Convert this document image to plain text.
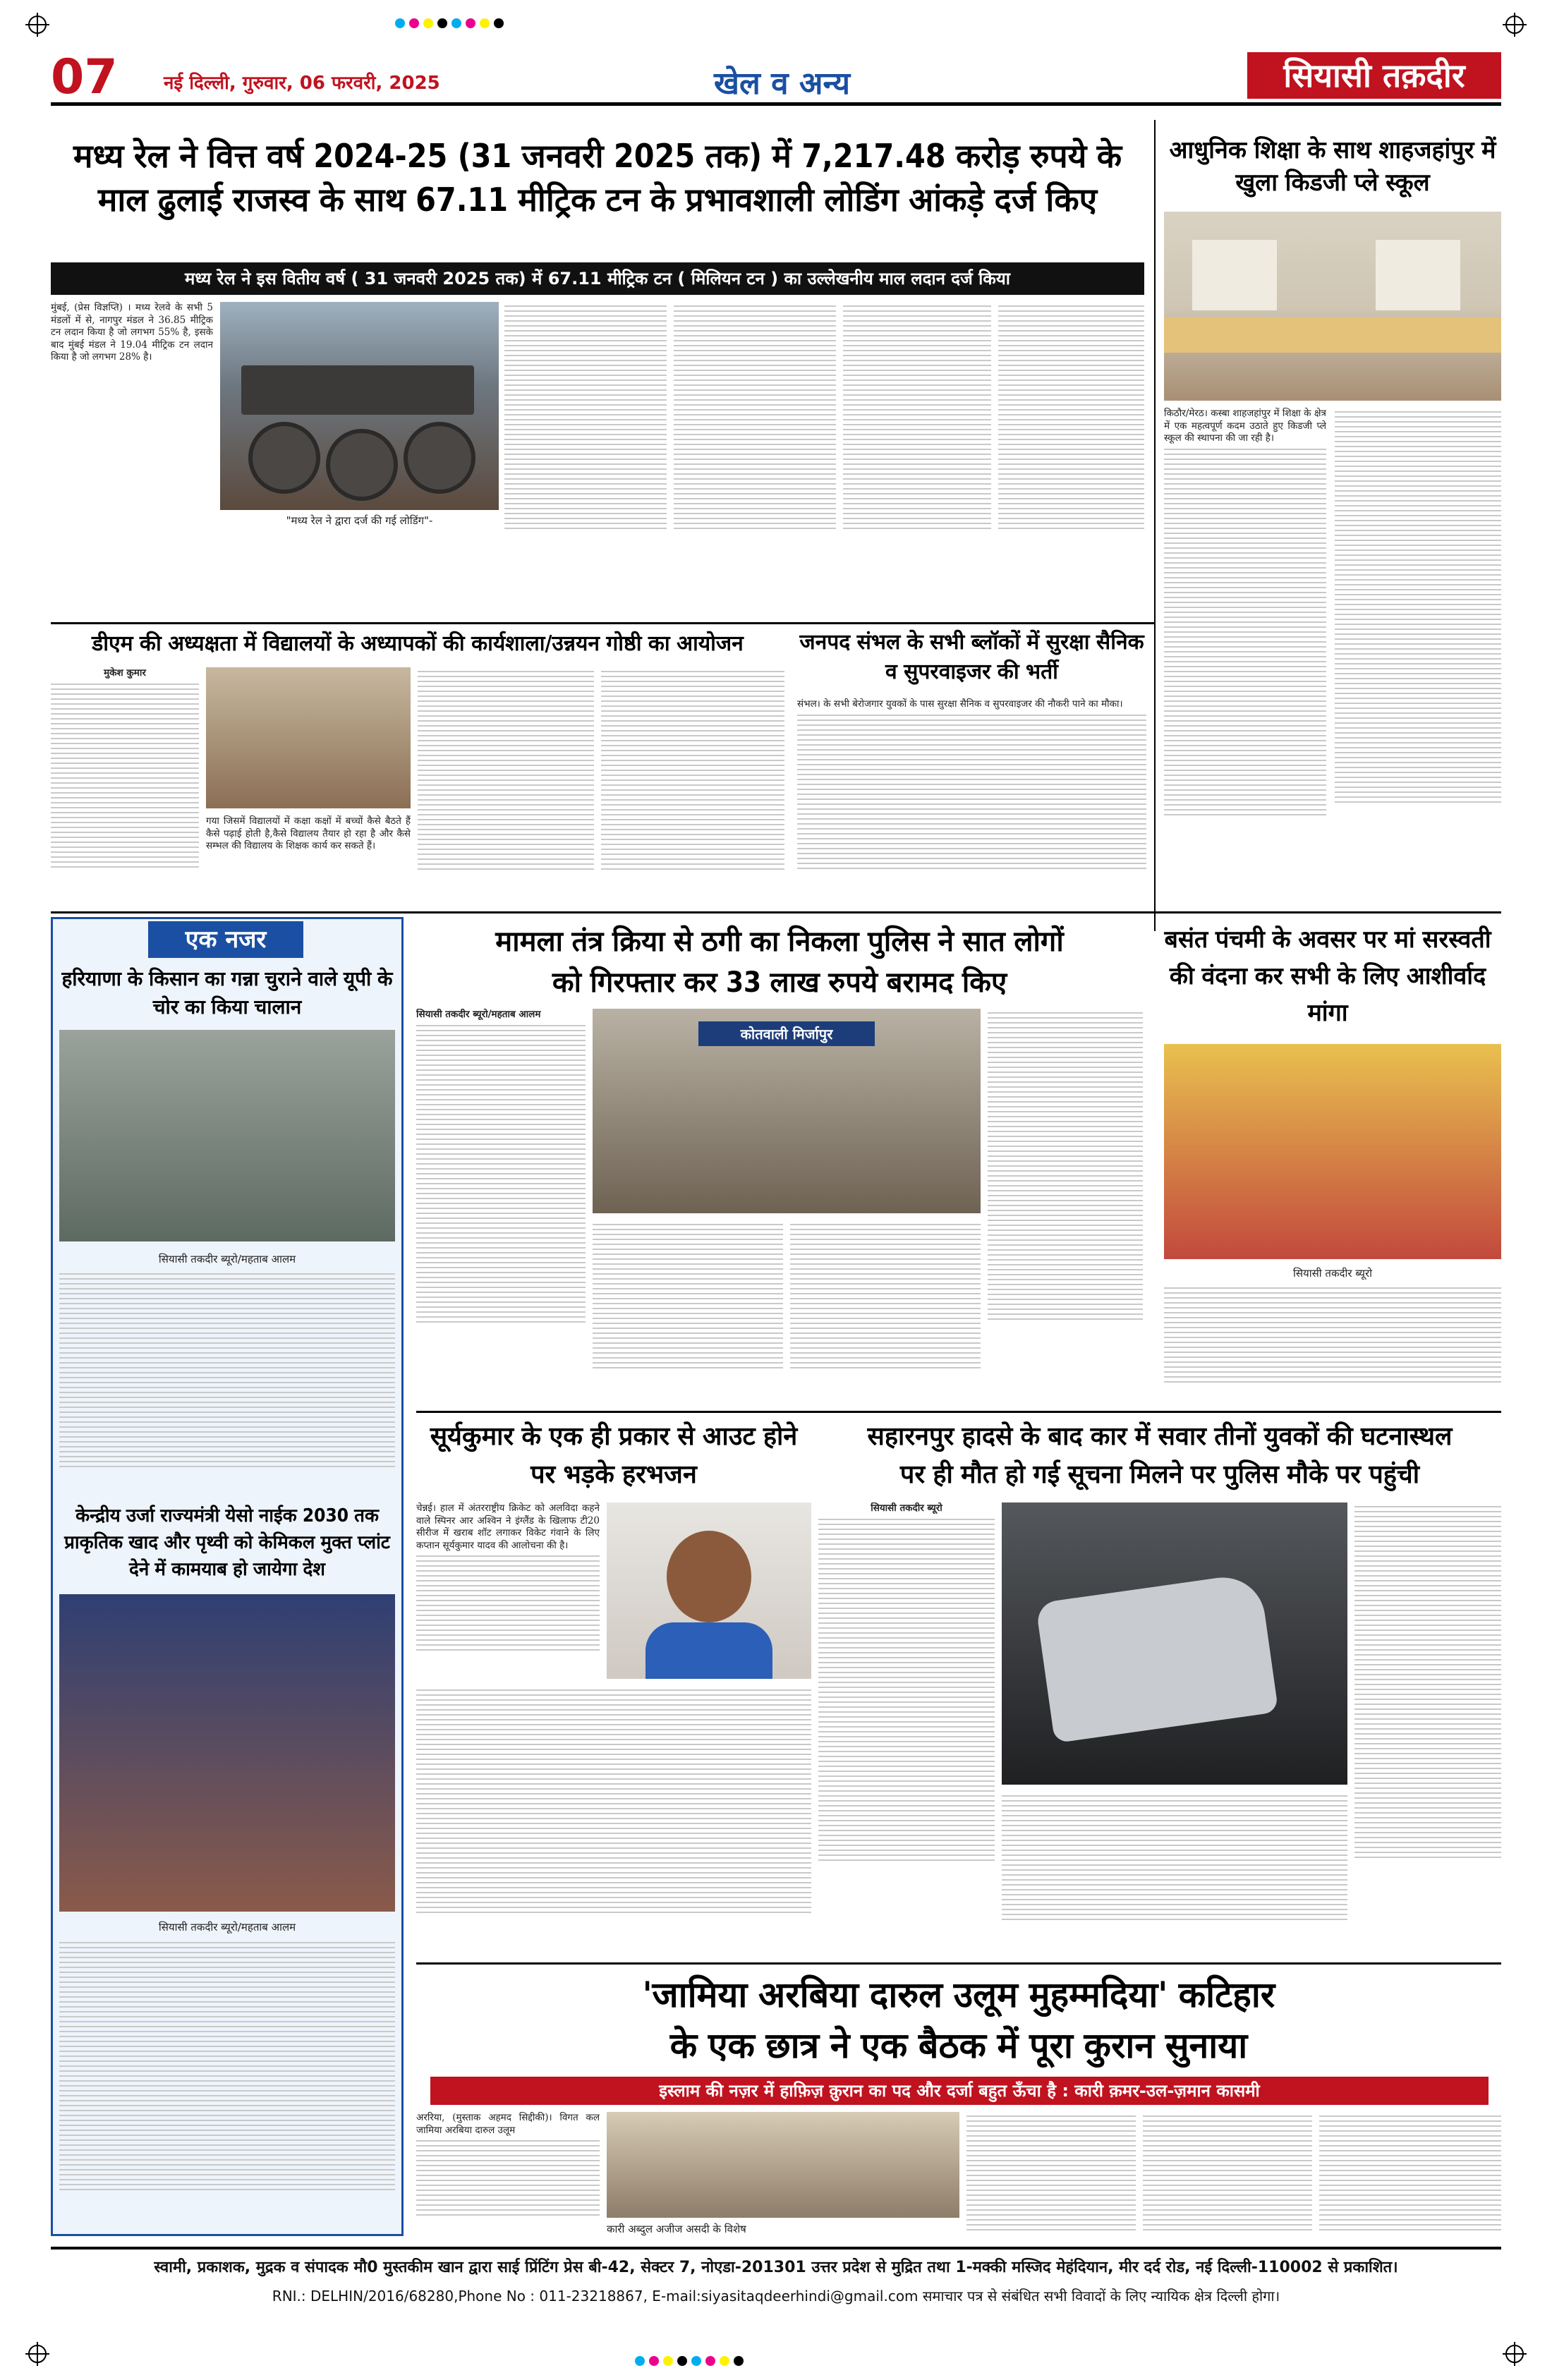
07	नई दिल्ली, गुरुवार, 06 फरवरी, 2025	खेल व अन्य	सियासी तक़दीर
मध्य रेल ने वित्त वर्ष 2024-25 (31 जनवरी 2025 तक) में 7,217.48 करोड़ रुपये के
माल ढुलाई राजस्व के साथ 67.11 मीट्रिक टन के प्रभावशाली लोडिंग आंकड़े दर्ज किए
मध्य रेल ने इस वितीय वर्ष ( 31 जनवरी 2025 तक) में 67.11 मीट्रिक टन ( मिलियन टन ) का उल्लेखनीय माल लदान दर्ज किया
मुंबई, (प्रेस विज्ञप्ति) । मध्य रेलवे के सभी 5 मंडलों में से, नागपुर मंडल ने 36.85 मीट्रिक टन लदान किया है जो लगभग 55% है, इसके बाद मुंबई मंडल ने 19.04 मीट्रिक टन लदान किया है जो लगभग 28% है।
"मध्य रेल ने द्वारा दर्ज की गई लोडिंग"-
आधुनिक शिक्षा के साथ शाहजहांपुर में खुला किडजी प्ले स्कूल
किठौर/मेरठ। कस्बा शाहजहांपुर में शिक्षा के क्षेत्र में एक महत्वपूर्ण कदम उठाते हुए किडजी प्ले स्कूल की स्थापना की जा रही है।
डीएम की अध्यक्षता में विद्यालयों के अध्यापकों की कार्यशाला/उन्नयन गोष्ठी का आयोजन
मुकेश कुमार
गया जिसमें विद्यालयों में कक्षा कक्षों में बच्चों कैसे बैठते हैं कैसे पढ़ाई होती है,कैसे विद्यालय तैयार हो रहा है और कैसे सम्भल की विद्यालय के शिक्षक कार्य कर सकते हैं।
जनपद संभल के सभी ब्लॉकों में सुरक्षा सैनिक व सुपरवाइजर की भर्ती
संभल। के सभी बेरोजगार युवकों के पास सुरक्षा सैनिक व सुपरवाइजर की नौकरी पाने का मौका।
एक नजर
हरियाणा के किसान का गन्ना चुराने वाले यूपी के चोर का किया चालान
सियासी तकदीर ब्यूरो/महताब आलम
केन्द्रीय उर्जा राज्यमंत्री येसो नाईक 2030 तक प्राकृतिक खाद और पृथ्वी को केमिकल मुक्त प्लांट देने में कामयाब हो जायेगा देश
सियासी तकदीर ब्यूरो/महताब आलम
मामला तंत्र क्रिया से ठगी का निकला पुलिस ने सात लोगों
को गिरफ्तार कर 33 लाख रुपये बरामद किए
सियासी तकदीर ब्यूरो/महताब आलम
कोतवाली मिर्जापुर
बसंत पंचमी के अवसर पर मां सरस्वती की वंदना कर सभी के लिए आशीर्वाद मांगा
सियासी तकदीर ब्यूरो
सूर्यकुमार के एक ही प्रकार से आउट होने पर भड़के हरभजन
चेन्नई। हाल में अंतरराष्ट्रीय क्रिकेट को अलविदा कहने वाले स्पिनर आर अश्विन ने इंग्लैंड के खिलाफ टी20 सीरीज में खराब शॉट लगाकर विकेट गंवाने के लिए कप्तान सूर्यकुमार यादव की आलोचना की है।
सहारनपुर हादसे के बाद कार में सवार तीनों युवकों की घटनास्थल
पर ही मौत हो गई सूचना मिलने पर पुलिस मौके पर पहुंची
सियासी तकदीर ब्यूरो
'जामिया अरबिया दारुल उलूम मुहम्मदिया' कटिहार
के एक छात्र ने एक बैठक में पूरा कुरान सुनाया
इस्लाम की नज़र में हाफ़िज़ क़ुरान का पद और दर्जा बहुत ऊँचा है : कारी क़मर-उल-ज़मान कासमी
अररिया, (मुस्ताक अहमद सिद्दीकी)। विगत कल जामिया अरबिया दारुल उलूम
कारी अब्दुल अजीज असदी के विशेष
स्वामी, प्रकाशक, मुद्रक व संपादक मौ0 मुस्तकीम खान द्वारा साई प्रिंटिंग प्रेस बी-42, सेक्टर 7, नोएडा-201301 उत्तर प्रदेश से मुद्रित तथा 1-मक्की मस्जिद मेहंदियान, मीर दर्द रोड, नई दिल्ली-110002 से प्रकाशित।
RNI.: DELHIN/2016/68280,Phone No : 011-23218867, E-mail:siyasitaqdeerhindi@gmail.com समाचार पत्र से संबंधित सभी विवादों के लिए न्यायिक क्षेत्र दिल्ली होगा।
